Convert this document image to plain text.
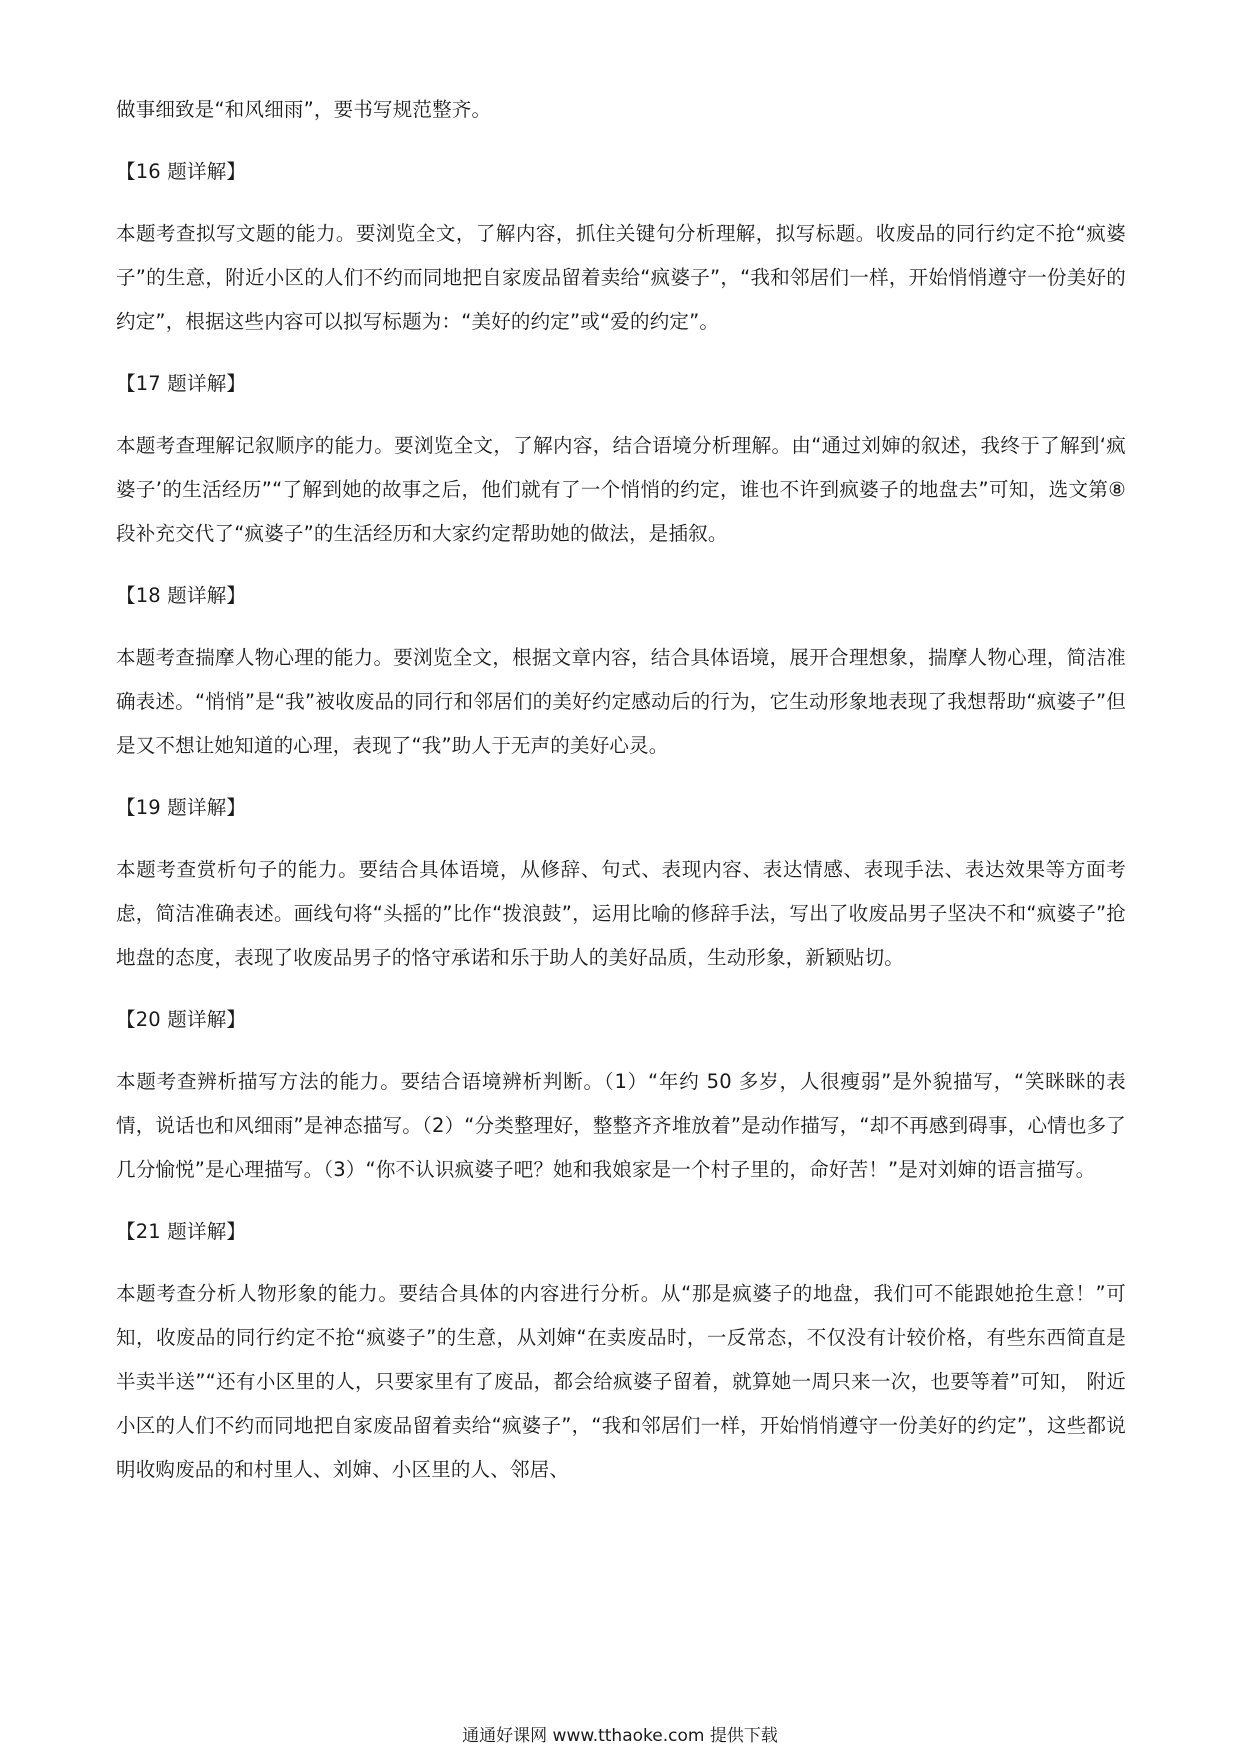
做事细致是“和风细雨”，要书写规范整齐。

【16 题详解】

本题考查拟写文题的能力。要浏览全文，了解内容，抓住关键句分析理解，拟写标题。收废品的同行约定不抢“疯婆子”的生意，附近小区的人们不约而同地把自家废品留着卖给“疯婆子”，“我和邻居们一样，开始悄悄遵守一份美好的约定”，根据这些内容可以拟写标题为：“美好的约定”或“爱的约定”。

【17 题详解】

本题考查理解记叙顺序的能力。要浏览全文，了解内容，结合语境分析理解。由“通过刘婶的叙述，我终于了解到‘疯婆子’的生活经历”“了解到她的故事之后，他们就有了一个悄悄的约定，谁也不许到疯婆子的地盘去”可知，选文第⑧段补充交代了“疯婆子”的生活经历和大家约定帮助她的做法，是插叙。

【18 题详解】

本题考查揣摩人物心理的能力。要浏览全文，根据文章内容，结合具体语境，展开合理想象，揣摩人物心理，简洁准确表述。“悄悄”是“我”被收废品的同行和邻居们的美好约定感动后的行为，它生动形象地表现了我想帮助“疯婆子”但是又不想让她知道的心理，表现了“我”助人于无声的美好心灵。

【19 题详解】

本题考查赏析句子的能力。要结合具体语境，从修辞、句式、表现内容、表达情感、表现手法、表达效果等方面考虑，简洁准确表述。画线句将“头摇的”比作“拨浪鼓”，运用比喻的修辞手法，写出了收废品男子坚决不和“疯婆子”抢地盘的态度，表现了收废品男子的恪守承诺和乐于助人的美好品质，生动形象，新颖贴切。

【20 题详解】

本题考查辨析描写方法的能力。要结合语境辨析判断。（1）“年约 50 多岁，人很瘦弱”是外貌描写，“笑眯眯的表情，说话也和风细雨”是神态描写。（2）“分类整理好，整整齐齐堆放着”是动作描写，“却不再感到碍事，心情也多了几分愉悦”是心理描写。（3）“你不认识疯婆子吧？她和我娘家是一个村子里的，命好苦！”是对刘婶的语言描写。

【21 题详解】

本题考查分析人物形象的能力。要结合具体的内容进行分析。从“那是疯婆子的地盘，我们可不能跟她抢生意！”可知，收废品的同行约定不抢“疯婆子”的生意，从刘婶“在卖废品时，一反常态，不仅没有计较价格，有些东西简直是半卖半送”“还有小区里的人，只要家里有了废品，都会给疯婆子留着，就算她一周只来一次，也要等着”可知， 附近小区的人们不约而同地把自家废品留着卖给“疯婆子”，“我和邻居们一样，开始悄悄遵守一份美好的约定”，这些都说明收购废品的和村里人、刘婶、小区里的人、邻居、

通通好课网 www.tthaoke.com 提供下载
